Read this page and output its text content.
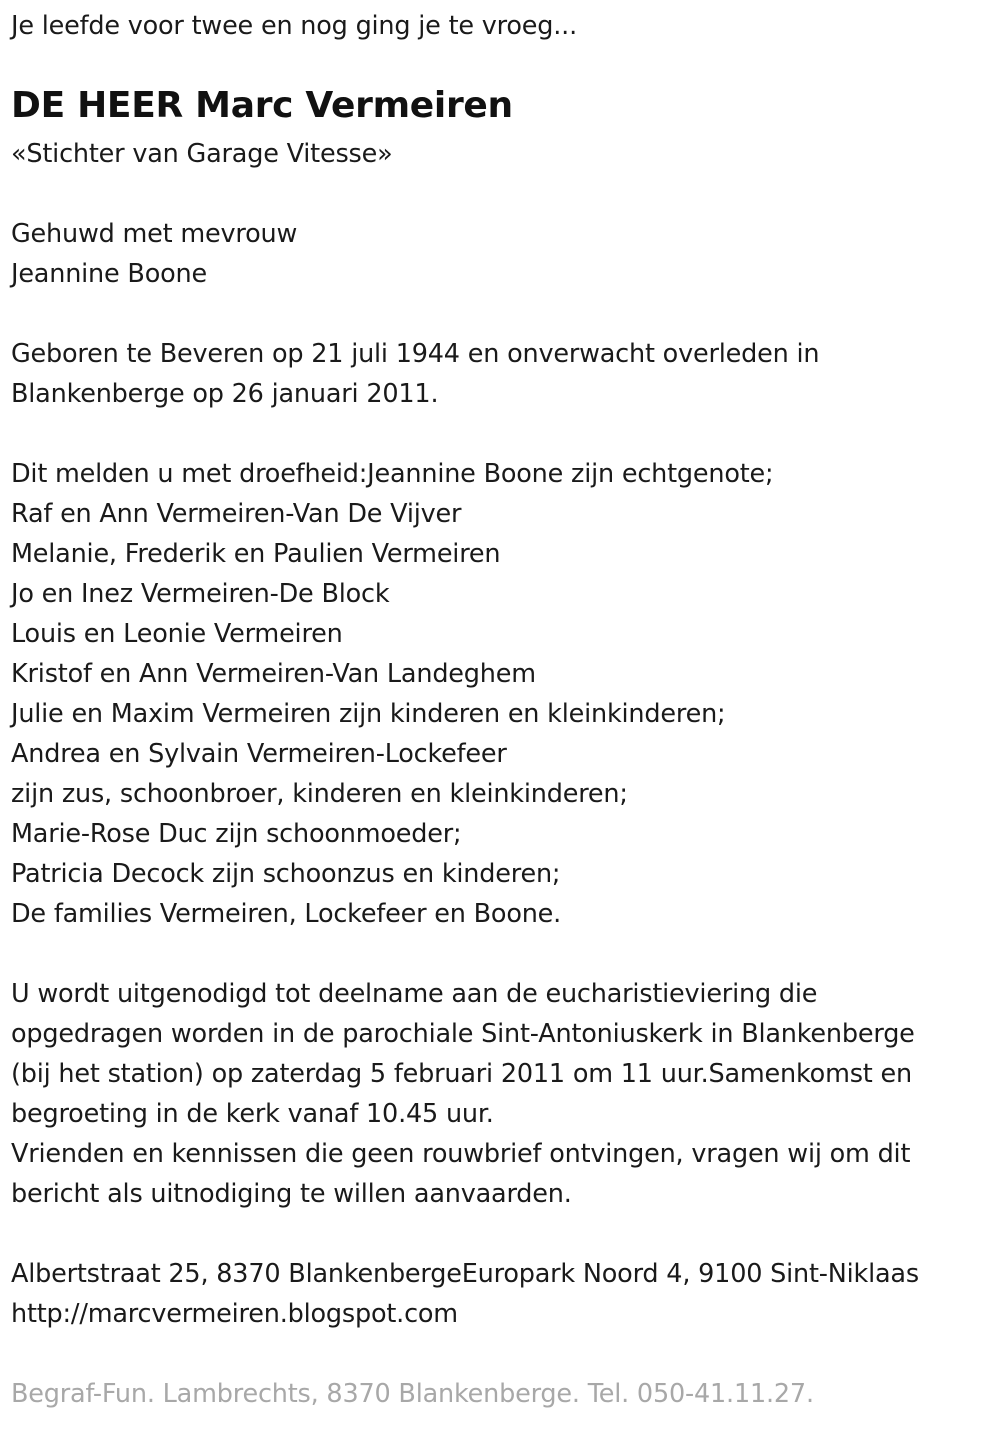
Je leefde voor twee en nog ging je te vroeg...
DE HEER Marc Vermeiren
«Stichter van Garage Vitesse»
Gehuwd met mevrouw
Jeannine Boone
Geboren te Beveren op 21 juli 1944 en onverwacht overleden in
Blankenberge op 26 januari 2011.
Dit melden u met droefheid:Jeannine Boone zijn echtgenote;
Raf en Ann Vermeiren-Van De Vijver
Melanie, Frederik en Paulien Vermeiren
Jo en Inez Vermeiren-De Block
Louis en Leonie Vermeiren
Kristof en Ann Vermeiren-Van Landeghem
Julie en Maxim Vermeiren zijn kinderen en kleinkinderen;
Andrea en Sylvain Vermeiren-Lockefeer
zijn zus, schoonbroer, kinderen en kleinkinderen;
Marie-Rose Duc zijn schoonmoeder;
Patricia Decock zijn schoonzus en kinderen;
De families Vermeiren, Lockefeer en Boone.
U wordt uitgenodigd tot deelname aan de eucharistieviering die
opgedragen worden in de parochiale Sint-Antoniuskerk in Blankenberge
(bij het station) op zaterdag 5 februari 2011 om 11 uur.Samenkomst en
begroeting in de kerk vanaf 10.45 uur.
Vrienden en kennissen die geen rouwbrief ontvingen, vragen wij om dit
bericht als uitnodiging te willen aanvaarden.
Albertstraat 25, 8370 BlankenbergeEuropark Noord 4, 9100 Sint-Niklaas
http://marcvermeiren.blogspot.com
Begraf-Fun. Lambrechts, 8370 Blankenberge. Tel. 050-41.11.27.
